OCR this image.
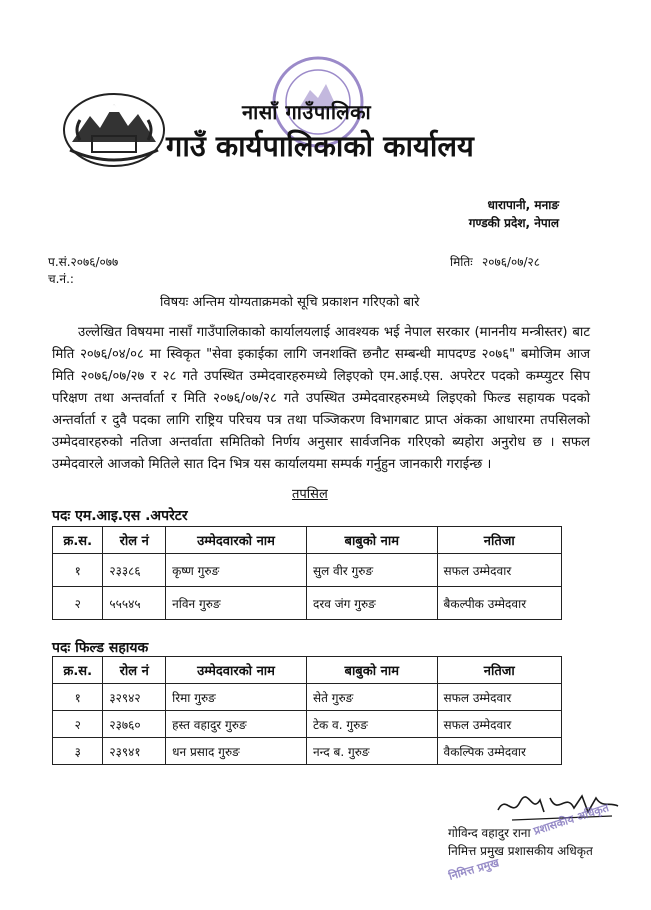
नासाँ गाउँपालिका
गाउँ कार्यपालिकाको कार्यालय
धारापानी, मनाङ
गण्डकी प्रदेश, नेपाल
प.सं.२०७६/०७७
च.नं.:
मितिः २०७६/०७/२८
विषयः अन्तिम योग्यताक्रमको सूचि प्रकाशन गरिएको बारे
उल्लेखित विषयमा नासाँ गाउँपालिकाको कार्यालयलाई आवश्यक भई नेपाल सरकार (माननीय मन्त्रीस्तर) बाट मिति २०७६/०४/०८ मा स्विकृत "सेवा इकाईका लागि जनशक्ति छनौट सम्बन्धी मापदण्ड २०७६" बमोजिम आज मिति २०७६/०७/२७ र २८ गते उपस्थित उम्मेदवारहरुमध्ये लिइएको एम.आई.एस. अपरेटर पदको कम्प्युटर सिप परिक्षण तथा अन्तर्वार्ता र मिति २०७६/०७/२८ गते उपस्थित उम्मेदवारहरुमध्ये लिइएको फिल्ड सहायक पदको अन्तर्वार्ता र दुवै पदका लागि राष्ट्रिय परिचय पत्र तथा पञ्जिकरण विभागबाट प्राप्त अंकका आधारमा तपसिलको उम्मेदवारहरुको नतिजा अन्तर्वाता समितिको निर्णय अनुसार सार्वजनिक गरिएको ब्यहोरा अनुरोध छ । सफल उम्मेदवारले आजको मितिले सात दिन भित्र यस कार्यालयमा सम्पर्क गर्नुहुन जानकारी गराईन्छ ।
तपसिल
पदः एम.आइ.एस .अपरेटर
क्र.स.	रोल नं	उम्मेदवारको नाम	बाबुको नाम	नतिजा
१	२३३८६	कृष्ण गुरुङ	सुल वीर गुरुङ	सफल उम्मेदवार
२	५५५४५	नविन गुरुङ	दरव जंग गुरुङ	बैकल्पीक उम्मेदवार
पदः फिल्ड सहायक
क्र.स.	रोल नं	उम्मेदवारको नाम	बाबुको नाम	नतिजा
१	३२९४२	रिमा गुरुङ	सेते गुरुङ	सफल उम्मेदवार
२	२३७६०	हस्त वहादुर गुरुङ	टेक व. गुरुङ	सफल उम्मेदवार
३	२३९४१	धन प्रसाद गुरुङ	नन्द ब. गुरुङ	वैकल्पिक उम्मेदवार
प्रशासकीय अधिकृत
निमित्त प्रमुख
गोविन्द वहादुर राना
निमित्त प्रमुख प्रशासकीय अधिकृत
